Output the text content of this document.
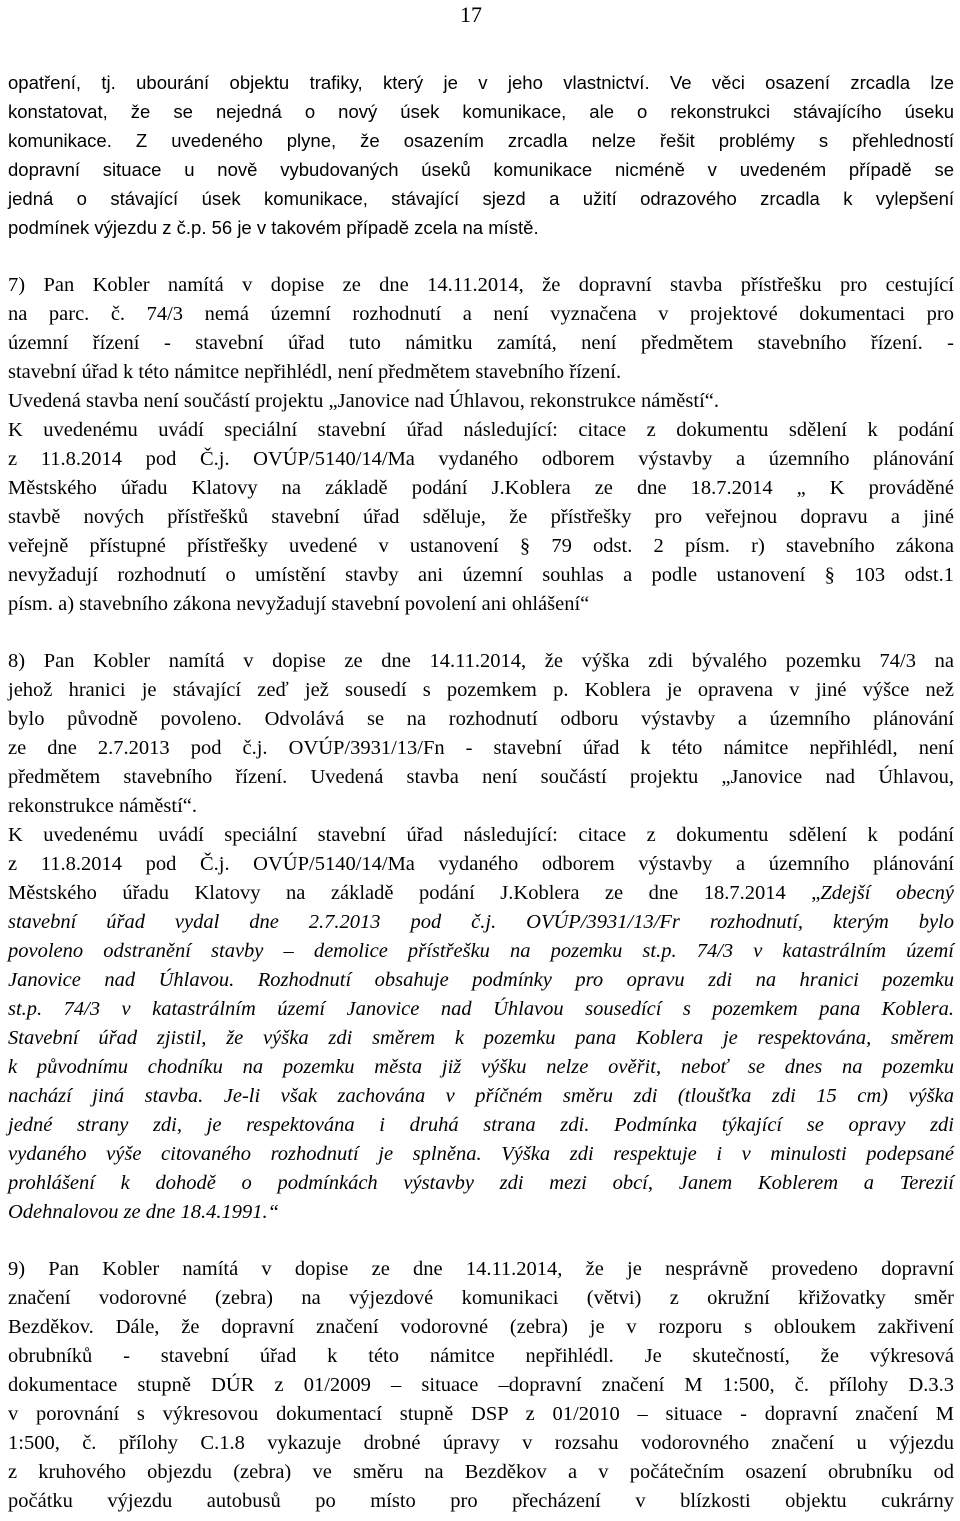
17
opatření, tj. ubourání objektu trafiky, který je v jeho vlastnictví. Ve věci osazení zrcadla lze
konstatovat, že se nejedná o nový úsek komunikace, ale o rekonstrukci stávajícího úseku
komunikace. Z uvedeného plyne, že osazením zrcadla nelze řešit problémy s přehledností
dopravní situace u nově vybudovaných úseků komunikace nicméně v uvedeném případě se
jedná o stávající úsek komunikace, stávající sjezd a užití odrazového zrcadla k vylepšení
podmínek výjezdu z č.p. 56 je v takovém případě zcela na místě.
7) Pan Kobler namítá v dopise ze dne 14.11.2014, že dopravní stavba přístřešku pro cestující
na parc. č. 74/3 nemá územní rozhodnutí a není vyznačena v projektové dokumentaci pro
územní řízení - stavební úřad tuto námitku zamítá, není předmětem stavebního řízení. -
stavební úřad k této námitce nepřihlédl, není předmětem stavebního řízení.
Uvedená stavba není součástí projektu „Janovice nad Úhlavou, rekonstrukce náměstí“.
K uvedenému uvádí speciální stavební úřad následující: citace z dokumentu sdělení k podání
z 11.8.2014 pod Č.j. OVÚP/5140/14/Ma vydaného odborem výstavby a územního plánování
Městského úřadu Klatovy na základě podání J.Koblera ze dne 18.7.2014 „ K prováděné
stavbě nových přístřešků stavební úřad sděluje, že přístřešky pro veřejnou dopravu a jiné
veřejně přístupné přístřešky uvedené v ustanovení § 79 odst. 2 písm. r) stavebního zákona
nevyžadují rozhodnutí o umístění stavby ani územní souhlas a podle ustanovení § 103 odst.1
písm. a) stavebního zákona nevyžadují stavební povolení ani ohlášení“
8) Pan Kobler namítá v dopise ze dne 14.11.2014, že výška zdi bývalého pozemku 74/3 na
jehož hranici je stávající zeď jež sousedí s pozemkem p. Koblera je opravena v jiné výšce než
bylo původně povoleno. Odvolává se na rozhodnutí odboru výstavby a územního plánování
ze dne 2.7.2013 pod č.j. OVÚP/3931/13/Fn - stavební úřad k této námitce nepřihlédl, není
předmětem stavebního řízení. Uvedená stavba není součástí projektu „Janovice nad Úhlavou,
rekonstrukce náměstí“.
K uvedenému uvádí speciální stavební úřad následující: citace z dokumentu sdělení k podání
z 11.8.2014 pod Č.j. OVÚP/5140/14/Ma vydaného odborem výstavby a územního plánování
Městského úřadu Klatovy na základě podání J.Koblera ze dne 18.7.2014 „Zdejší obecný
stavební úřad vydal dne 2.7.2013 pod č.j. OVÚP/3931/13/Fr rozhodnutí, kterým bylo
povoleno odstranění stavby – demolice přístřešku na pozemku st.p. 74/3 v katastrálním území
Janovice nad Úhlavou. Rozhodnutí obsahuje podmínky pro opravu zdi na hranici pozemku
st.p. 74/3 v katastrálním území Janovice nad Úhlavou sousedící s pozemkem pana Koblera.
Stavební úřad zjistil, že výška zdi směrem k pozemku pana Koblera je respektována, směrem
k původnímu chodníku na pozemku města již výšku nelze ověřit, neboť se dnes na pozemku
nachází jiná stavba. Je-li však zachována v příčném směru zdi (tloušťka zdi 15 cm) výška
jedné strany zdi, je respektována i druhá strana zdi. Podmínka týkající se opravy zdi
vydaného výše citovaného rozhodnutí je splněna. Výška zdi respektuje i v minulosti podepsané
prohlášení k dohodě o podmínkách výstavby zdi mezi obcí, Janem Koblerem a Terezií
Odehnalovou ze dne 18.4.1991.“
9) Pan Kobler namítá v dopise ze dne 14.11.2014, že je nesprávně provedeno dopravní
značení vodorovné (zebra) na výjezdové komunikaci (větvi) z okružní křižovatky směr
Bezděkov. Dále, že dopravní značení vodorovné (zebra) je v rozporu s obloukem zakřivení
obrubníků - stavební úřad k této námitce nepřihlédl. Je skutečností, že výkresová
dokumentace stupně DÚR z 01/2009 – situace –dopravní značení M 1:500, č. přílohy D.3.3
v porovnání s výkresovou dokumentací stupně DSP z 01/2010 – situace - dopravní značení M
1:500, č. přílohy C.1.8 vykazuje drobné úpravy v rozsahu vodorovného značení u výjezdu
z kruhového objezdu (zebra) ve směru na Bezděkov a v počátečním osazení obrubníku od
počátku výjezdu autobusů po místo pro přecházení v blízkosti objektu cukrárny
